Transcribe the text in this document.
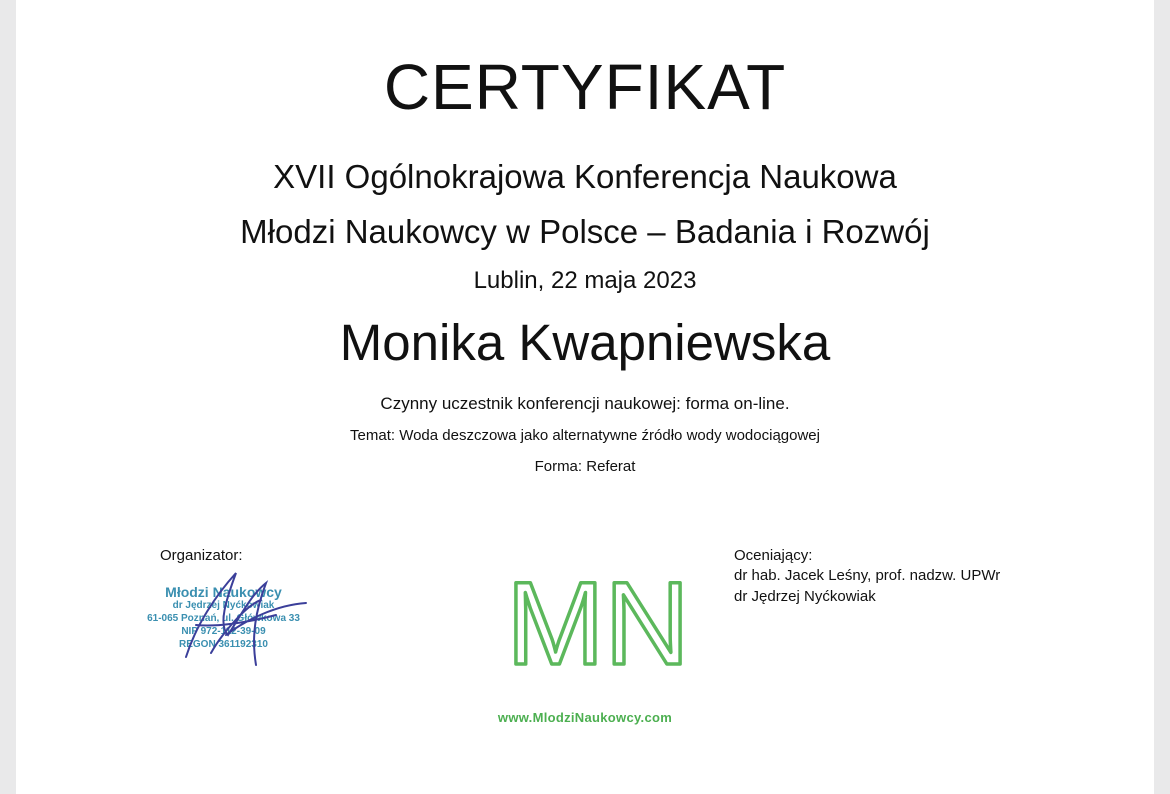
CERTYFIKAT
XVII Ogólnokrajowa Konferencja Naukowa
Młodzi Naukowcy w Polsce – Badania i Rozwój
Lublin, 22 maja 2023
Monika Kwapniewska
Czynny uczestnik konferencji naukowej: forma on-line.
Temat: Woda deszczowa jako alternatywne źródło wody wodociągowej
Forma: Referat
Organizator:
Młodzi Naukowcy
dr Jędrzej Nyćkowiak
61-065 Poznań, ul. Główkowa 33
NIP 972-112-39-09
REGON 361192310
Oceniający:
dr hab. Jacek Leśny, prof. nadzw. UPWr
dr Jędrzej Nyćkowiak
MN
www.MlodziNaukowcy.com
